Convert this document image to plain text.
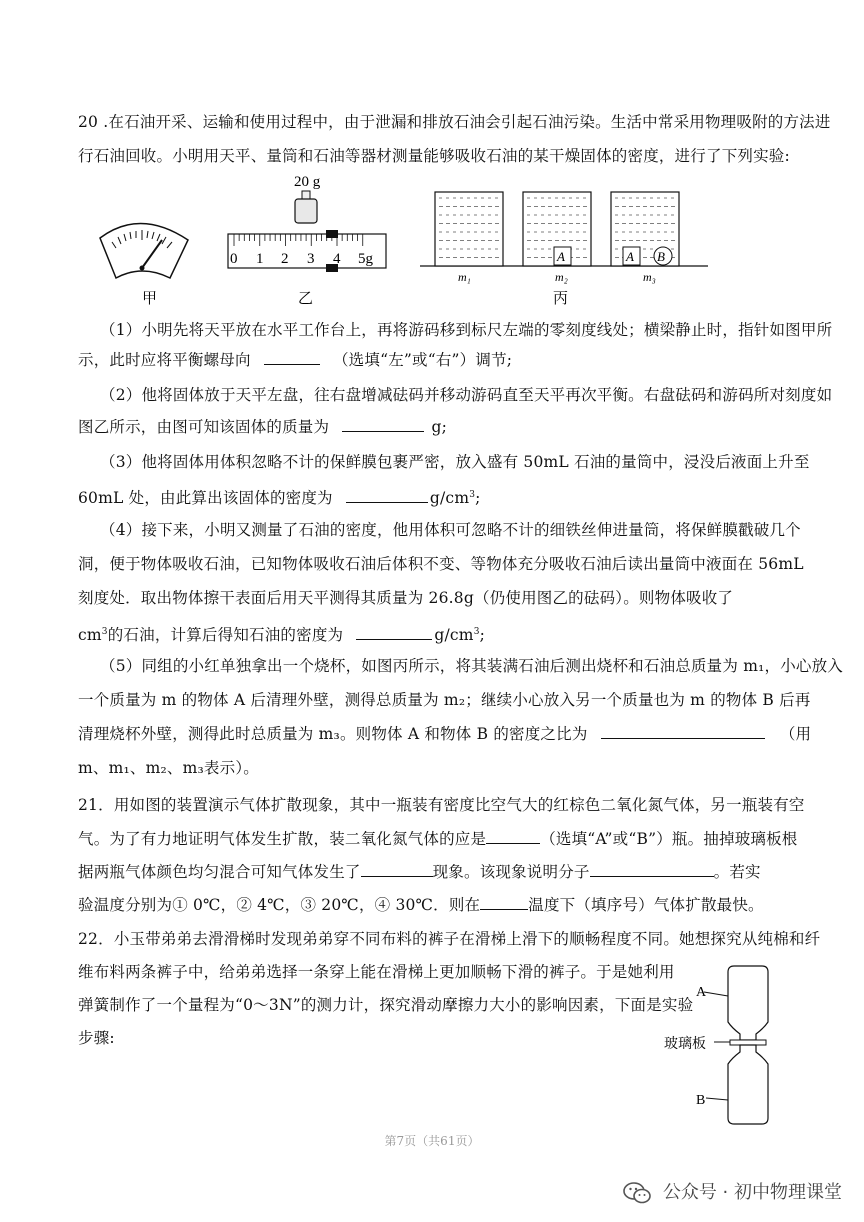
20 .在石油开采、运输和使用过程中，由于泄漏和排放石油会引起石油污染。生活中常采用物理吸附的方法进
行石油回收。小明用天平、量筒和石油等器材测量能够吸收石油的某干燥固体的密度，进行了下列实验:
20 g
0 1 2 3 4 5g	A	A B
m₁	m₂	m₃
甲	乙	丙
（1）小明先将天平放在水平工作台上，再将游码移到标尺左端的零刻度线处；横梁静止时，指针如图甲所
示，此时应将平衡螺母向	（选填“左”或“右”）调节;
（2）他将固体放于天平左盘，往右盘增减砝码并移动游码直至天平再次平衡。右盘砝码和游码所对刻度如
图乙所示，由图可知该固体的质量为	g;
（3）他将固体用体积忽略不计的保鲜膜包裹严密，放入盛有 50mL 石油的量筒中，浸没后液面上升至
60mL 处，由此算出该固体的密度为	$g/cm^3$;
（4）接下来，小明又测量了石油的密度，他用体积可忽略不计的细铁丝伸进量筒，将保鲜膜戳破几个
洞，便于物体吸收石油，已知物体吸收石油后体积不变、等物体充分吸收石油后读出量筒中液面在 56mL
刻度处．取出物体擦干表面后用天平测得其质量为 26.8g（仍使用图乙的砝码）。则物体吸收了
$cm^3$的石油，计算后得知石油的密度为	$g/cm^3$;
（5）同组的小红单独拿出一个烧杯，如图丙所示，将其装满石油后测出烧杯和石油总质量为 m₁，小心放入
一个质量为 m 的物体 A 后清理外壁，测得总质量为 m₂；继续小心放入另一个质量也为 m 的物体 B 后再
清理烧杯外壁，测得此时总质量为 m₃。则物体 A 和物体 B 的密度之比为	（用
m、m₁、m₂、m₃表示）。
21．用如图的装置演示气体扩散现象，其中一瓶装有密度比空气大的红棕色二氧化氮气体，另一瓶装有空
气。为了有力地证明气体发生扩散，装二氧化氮气体的应是	（选填“A”或“B”）瓶。抽掉玻璃板根
据两瓶气体颜色均匀混合可知气体发生了	现象。该现象说明分子	。若实
验温度分别为① 0℃，② 4℃，③ 20℃，④ 30℃．则在	温度下（填序号）气体扩散最快。
22．小玉带弟弟去滑滑梯时发现弟弟穿不同布料的裤子在滑梯上滑下的顺畅程度不同。她想探究从纯棉和纤
维布料两条裤子中，给弟弟选择一条穿上能在滑梯上更加顺畅下滑的裤子。于是她利用
弹簧制作了一个量程为“0～3N”的测力计，探究滑动摩擦力大小的影响因素，下面是实验
步骤:
A
玻璃板
B
第7页（共61页）
公众号 · 初中物理课堂
